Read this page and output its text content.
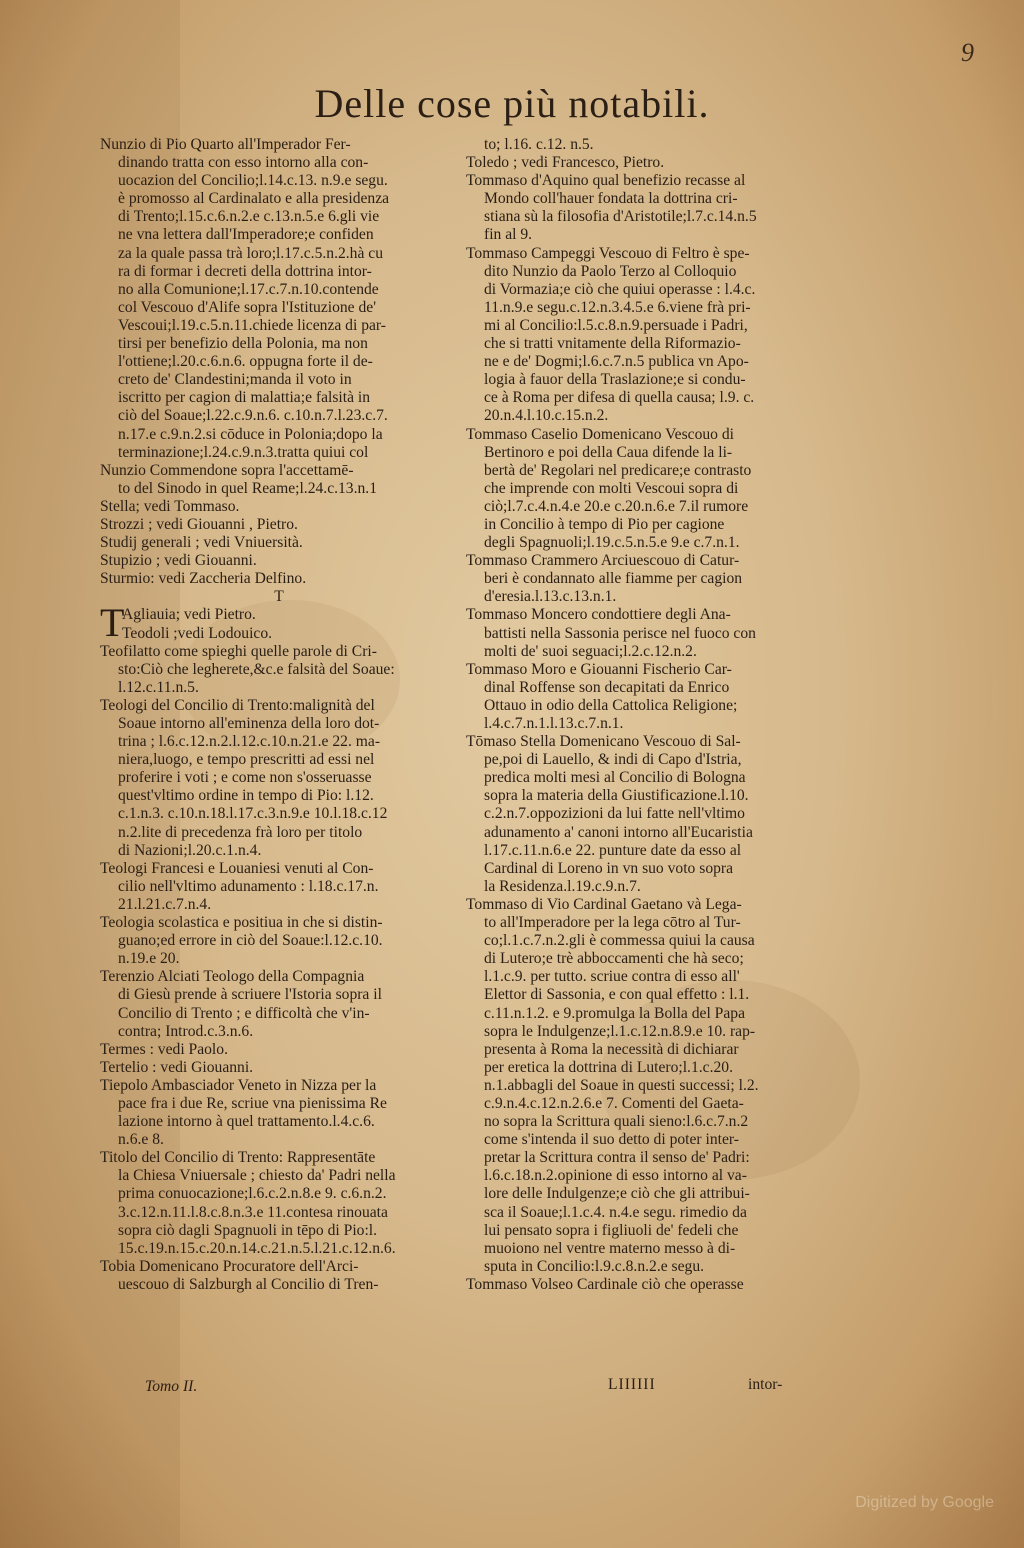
9
Delle cose più notabili.
Nunzio di Pio Quarto all'Imperador Fer-
dinando tratta con esso intorno alla con-
uocazion del Concilio;l.14.c.13. n.9.e segu.
è promosso al Cardinalato e alla presidenza
di Trento;l.15.c.6.n.2.e c.13.n.5.e 6.gli vie
ne vna lettera dall'Imperadore;e confiden
za la quale passa trà loro;l.17.c.5.n.2.hà cu
ra di formar i decreti della dottrina intor-
no alla Comunione;l.17.c.7.n.10.contende
col Vescouo d'Alife sopra l'Istituzione de'
Vescoui;l.19.c.5.n.11.chiede licenza di par-
tirsi per benefizio della Polonia, ma non
l'ottiene;l.20.c.6.n.6. oppugna forte il de-
creto de' Clandestini;manda il voto in
iscritto per cagion di malattia;e falsità in
ciò del Soaue;l.22.c.9.n.6. c.10.n.7.l.23.c.7.
n.17.e c.9.n.2.si cōduce in Polonia;dopo la
terminazione;l.24.c.9.n.3.tratta quiui col
Nunzio Commendone sopra l'accettamē-
to del Sinodo in quel Reame;l.24.c.13.n.1
Stella; vedi Tommaso.
Strozzi ; vedi Giouanni , Pietro.
Studij generali ; vedi Vniuersità.
Stupizio ; vedi Giouanni.
Sturmio: vedi Zaccheria Delfino.
T
Agliauia; vedi Pietro.
T
Teodoli ;vedi Lodouico.
Teofilatto come spieghi quelle parole di Cri-
sto:Ciò che legherete,&c.e falsità del Soaue:
l.12.c.11.n.5.
Teologi del Concilio di Trento:malignità del
Soaue intorno all'eminenza della loro dot-
trina ; l.6.c.12.n.2.l.12.c.10.n.21.e 22. ma-
niera,luogo, e tempo prescritti ad essi nel
proferire i voti ; e come non s'osseruasse
quest'vltimo ordine in tempo di Pio: l.12.
c.1.n.3. c.10.n.18.l.17.c.3.n.9.e 10.l.18.c.12
n.2.lite di precedenza frà loro per titolo
di Nazioni;l.20.c.1.n.4.
Teologi Francesi e Louaniesi venuti al Con-
cilio nell'vltimo adunamento : l.18.c.17.n.
21.l.21.c.7.n.4.
Teologia scolastica e positiua in che si distin-
guano;ed errore in ciò del Soaue:l.12.c.10.
n.19.e 20.
Terenzio Alciati Teologo della Compagnia
di Giesù prende à scriuere l'Istoria sopra il
Concilio di Trento ; e difficoltà che v'in-
contra; Introd.c.3.n.6.
Termes : vedi Paolo.
Tertelio : vedi Giouanni.
Tiepolo Ambasciador Veneto in Nizza per la
pace fra i due Re, scriue vna pienissima Re
lazione intorno à quel trattamento.l.4.c.6.
n.6.e 8.
Titolo del Concilio di Trento: Rappresentāte
la Chiesa Vniuersale ; chiesto da' Padri nella
prima conuocazione;l.6.c.2.n.8.e 9. c.6.n.2.
3.c.12.n.11.l.8.c.8.n.3.e 11.contesa rinouata
sopra ciò dagli Spagnuoli in tēpo di Pio:l.
15.c.19.n.15.c.20.n.14.c.21.n.5.l.21.c.12.n.6.
Tobia Domenicano Procuratore dell'Arci-
uescouo di Salzburgh al Concilio di Tren-
to; l.16. c.12. n.5.
Toledo ; vedi Francesco, Pietro.
Tommaso d'Aquino qual benefizio recasse al
Mondo coll'hauer fondata la dottrina cri-
stiana sù la filosofia d'Aristotile;l.7.c.14.n.5
fin al 9.
Tommaso Campeggi Vescouo di Feltro è spe-
dito Nunzio da Paolo Terzo al Colloquio
di Vormazia;e ciò che quiui operasse : l.4.c.
11.n.9.e segu.c.12.n.3.4.5.e 6.viene frà pri-
mi al Concilio:l.5.c.8.n.9.persuade i Padri,
che si tratti vnitamente della Riformazio-
ne e de' Dogmi;l.6.c.7.n.5 publica vn Apo-
logia à fauor della Traslazione;e si condu-
ce à Roma per difesa di quella causa; l.9. c.
20.n.4.l.10.c.15.n.2.
Tommaso Caselio Domenicano Vescouo di
Bertinoro e poi della Caua difende la li-
bertà de' Regolari nel predicare;e contrasto
che imprende con molti Vescoui sopra di
ciò;l.7.c.4.n.4.e 20.e c.20.n.6.e 7.il rumore
in Concilio à tempo di Pio per cagione
degli Spagnuoli;l.19.c.5.n.5.e 9.e c.7.n.1.
Tommaso Crammero Arciuescouo di Catur-
beri è condannato alle fiamme per cagion
d'eresia.l.13.c.13.n.1.
Tommaso Moncero condottiere degli Ana-
battisti nella Sassonia perisce nel fuoco con
molti de' suoi seguaci;l.2.c.12.n.2.
Tommaso Moro e Giouanni Fischerio Car-
dinal Roffense son decapitati da Enrico
Ottauo in odio della Cattolica Religione;
l.4.c.7.n.1.l.13.c.7.n.1.
Tōmaso Stella Domenicano Vescouo di Sal-
pe,poi di Lauello, & indi di Capo d'Istria,
predica molti mesi al Concilio di Bologna
sopra la materia della Giustificazione.l.10.
c.2.n.7.oppozizioni da lui fatte nell'vltimo
adunamento a' canoni intorno all'Eucaristia
l.17.c.11.n.6.e 22. punture date da esso al
Cardinal di Loreno in vn suo voto sopra
la Residenza.l.19.c.9.n.7.
Tommaso di Vio Cardinal Gaetano và Lega-
to all'Imperadore per la lega cōtro al Tur-
co;l.1.c.7.n.2.gli è commessa quiui la causa
di Lutero;e trè abboccamenti che hà seco;
l.1.c.9. per tutto. scriue contra di esso all'
Elettor di Sassonia, e con qual effetto : l.1.
c.11.n.1.2. e 9.promulga la Bolla del Papa
sopra le Indulgenze;l.1.c.12.n.8.9.e 10. rap-
presenta à Roma la necessità di dichiarar
per eretica la dottrina di Lutero;l.1.c.20.
n.1.abbagli del Soaue in questi successi; l.2.
c.9.n.4.c.12.n.2.6.e 7. Comenti del Gaeta-
no sopra la Scrittura quali sieno:l.6.c.7.n.2
come s'intenda il suo detto di poter inter-
pretar la Scrittura contra il senso de' Padri:
l.6.c.18.n.2.opinione di esso intorno al va-
lore delle Indulgenze;e ciò che gli attribui-
sca il Soaue;l.1.c.4. n.4.e segu. rimedio da
lui pensato sopra i figliuoli de' fedeli che
muoiono nel ventre materno messo à di-
sputa in Concilio:l.9.c.8.n.2.e segu.
Tommaso Volseo Cardinale ciò che operasse
Tomo II.	LIIIIII	intor-
Digitized by Google
